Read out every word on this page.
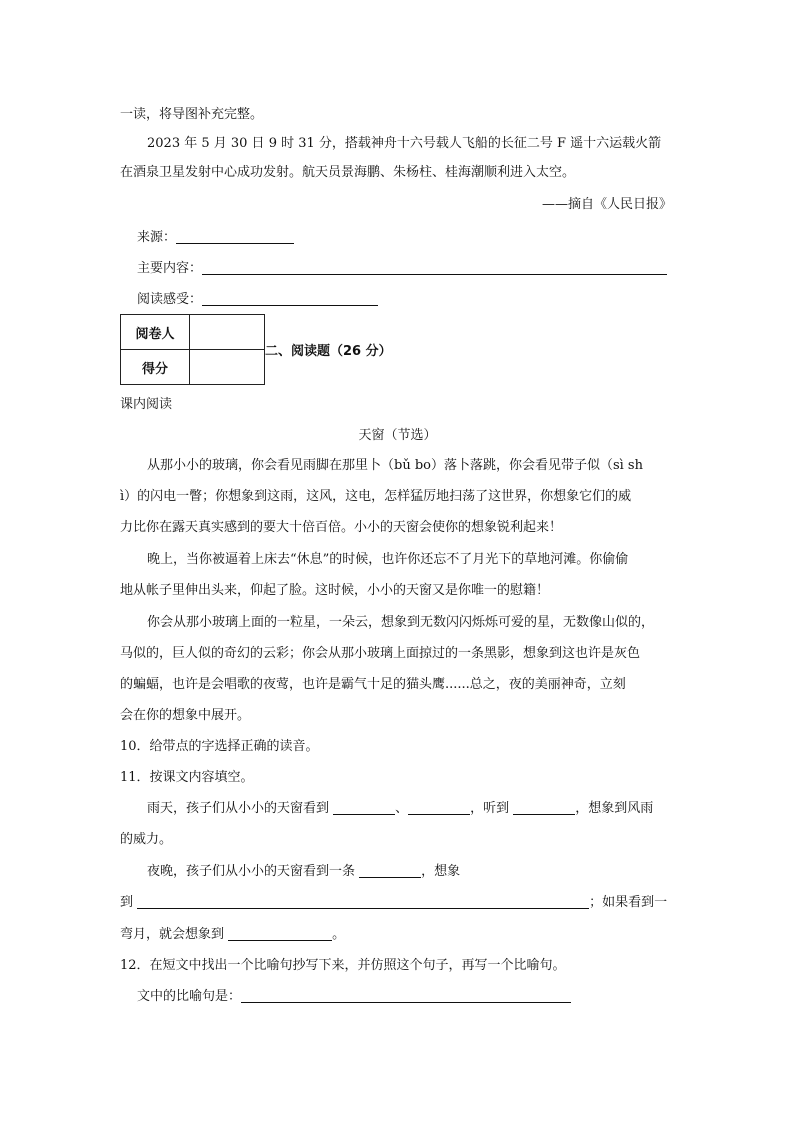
一读，将导图补充完整。
2023 年 5 月 30 日 9 时 31 分，搭载神舟十六号载人飞船的长征二号 F 遥十六运载火箭
在酒泉卫星发射中心成功发射。航天员景海鹏、朱杨柱、桂海潮顺利进入太空。
——摘自《人民日报》
来源：
主要内容：
阅读感受：
阅卷人	
得分	
二、阅读题（26 分）
课内阅读
天窗（节选）
从那小小的玻璃，你会看见雨脚在那里卜（bǔ bo）落卜落跳，你会看见带子似（sì sh
ì）的闪电一瞥；你想象到这雨，这风，这电，怎样猛厉地扫荡了这世界，你想象它们的威
力比你在露天真实感到的要大十倍百倍。小小的天窗会使你的想象锐利起来！
晚上，当你被逼着上床去“休息”的时候，也许你还忘不了月光下的草地河滩。你偷偷
地从帐子里伸出头来，仰起了脸。这时候，小小的天窗又是你唯一的慰籍！
你会从那小玻璃上面的一粒星，一朵云，想象到无数闪闪烁烁可爱的星，无数像山似的，
马似的，巨人似的奇幻的云彩；你会从那小玻璃上面掠过的一条黑影，想象到这也许是灰色
的蝙蝠，也许是会唱歌的夜莺，也许是霸气十足的猫头鹰......总之，夜的美丽神奇，立刻
会在你的想象中展开。
10．给带点的字选择正确的读音。
11．按课文内容填空。
雨天，孩子们从小小的天窗看到	、	，听到	，想象到风雨
的威力。
夜晚，孩子们从小小的天窗看到一条	，想象
到	；如果看到一
弯月，就会想象到	。
12．在短文中找出一个比喻句抄写下来，并仿照这个句子，再写一个比喻句。
文中的比喻句是：
